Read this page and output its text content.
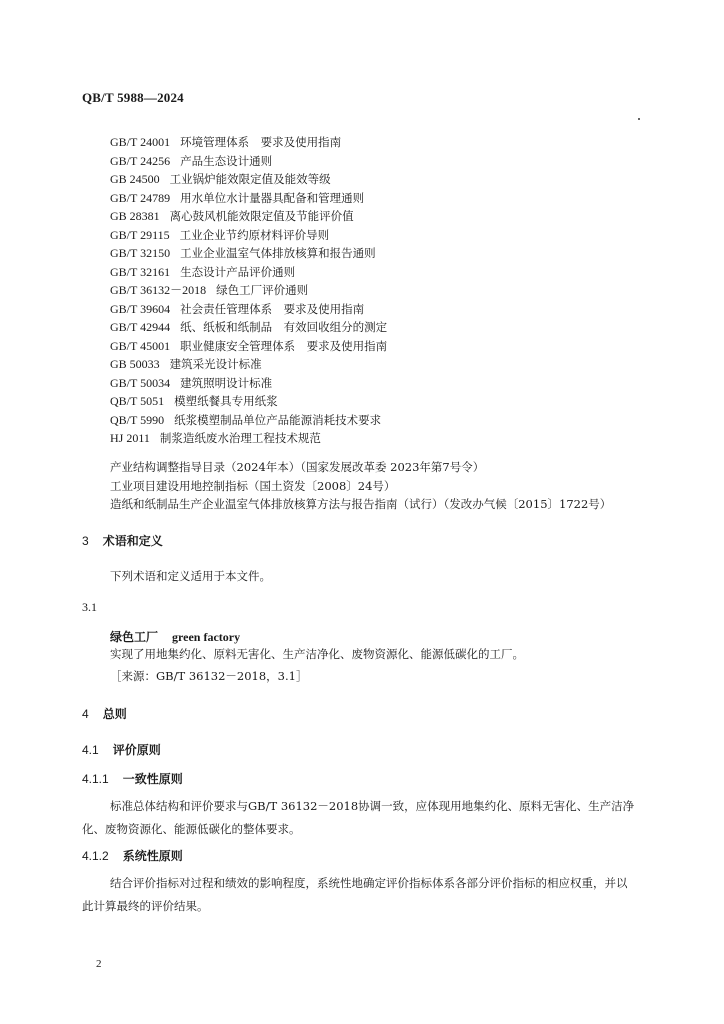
QB/T 5988—2024
GB/T 24001 环境管理体系　要求及使用指南
GB/T 24256 产品生态设计通则
GB 24500 工业锅炉能效限定值及能效等级
GB/T 24789 用水单位水计量器具配备和管理通则
GB 28381 离心鼓风机能效限定值及节能评价值
GB/T 29115 工业企业节约原材料评价导则
GB/T 32150 工业企业温室气体排放核算和报告通则
GB/T 32161 生态设计产品评价通则
GB/T 36132－2018 绿色工厂评价通则
GB/T 39604 社会责任管理体系　要求及使用指南
GB/T 42944 纸、纸板和纸制品　有效回收组分的测定
GB/T 45001 职业健康安全管理体系　要求及使用指南
GB 50033 建筑采光设计标准
GB/T 50034 建筑照明设计标准
QB/T 5051 模塑纸餐具专用纸浆
QB/T 5990 纸浆模塑制品单位产品能源消耗技术要求
HJ 2011 制浆造纸废水治理工程技术规范
产业结构调整指导目录（2024年本）（国家发展改革委 2023年第7号令）
工业项目建设用地控制指标（国土资发〔2008〕24号）
造纸和纸制品生产企业温室气体排放核算方法与报告指南（试行）（发改办气候〔2015〕1722号）
3 术语和定义
下列术语和定义适用于本文件。
3.1
绿色工厂 green factory
实现了用地集约化、原料无害化、生产洁净化、废物资源化、能源低碳化的工厂。
［来源：GB/T 36132－2018，3.1］
4 总则
4.1 评价原则
4.1.1 一致性原则
标准总体结构和评价要求与GB/T 36132－2018协调一致，应体现用地集约化、原料无害化、生产洁净化、废物资源化、能源低碳化的整体要求。
4.1.2 系统性原则
结合评价指标对过程和绩效的影响程度，系统性地确定评价指标体系各部分评价指标的相应权重，并以此计算最终的评价结果。
2
